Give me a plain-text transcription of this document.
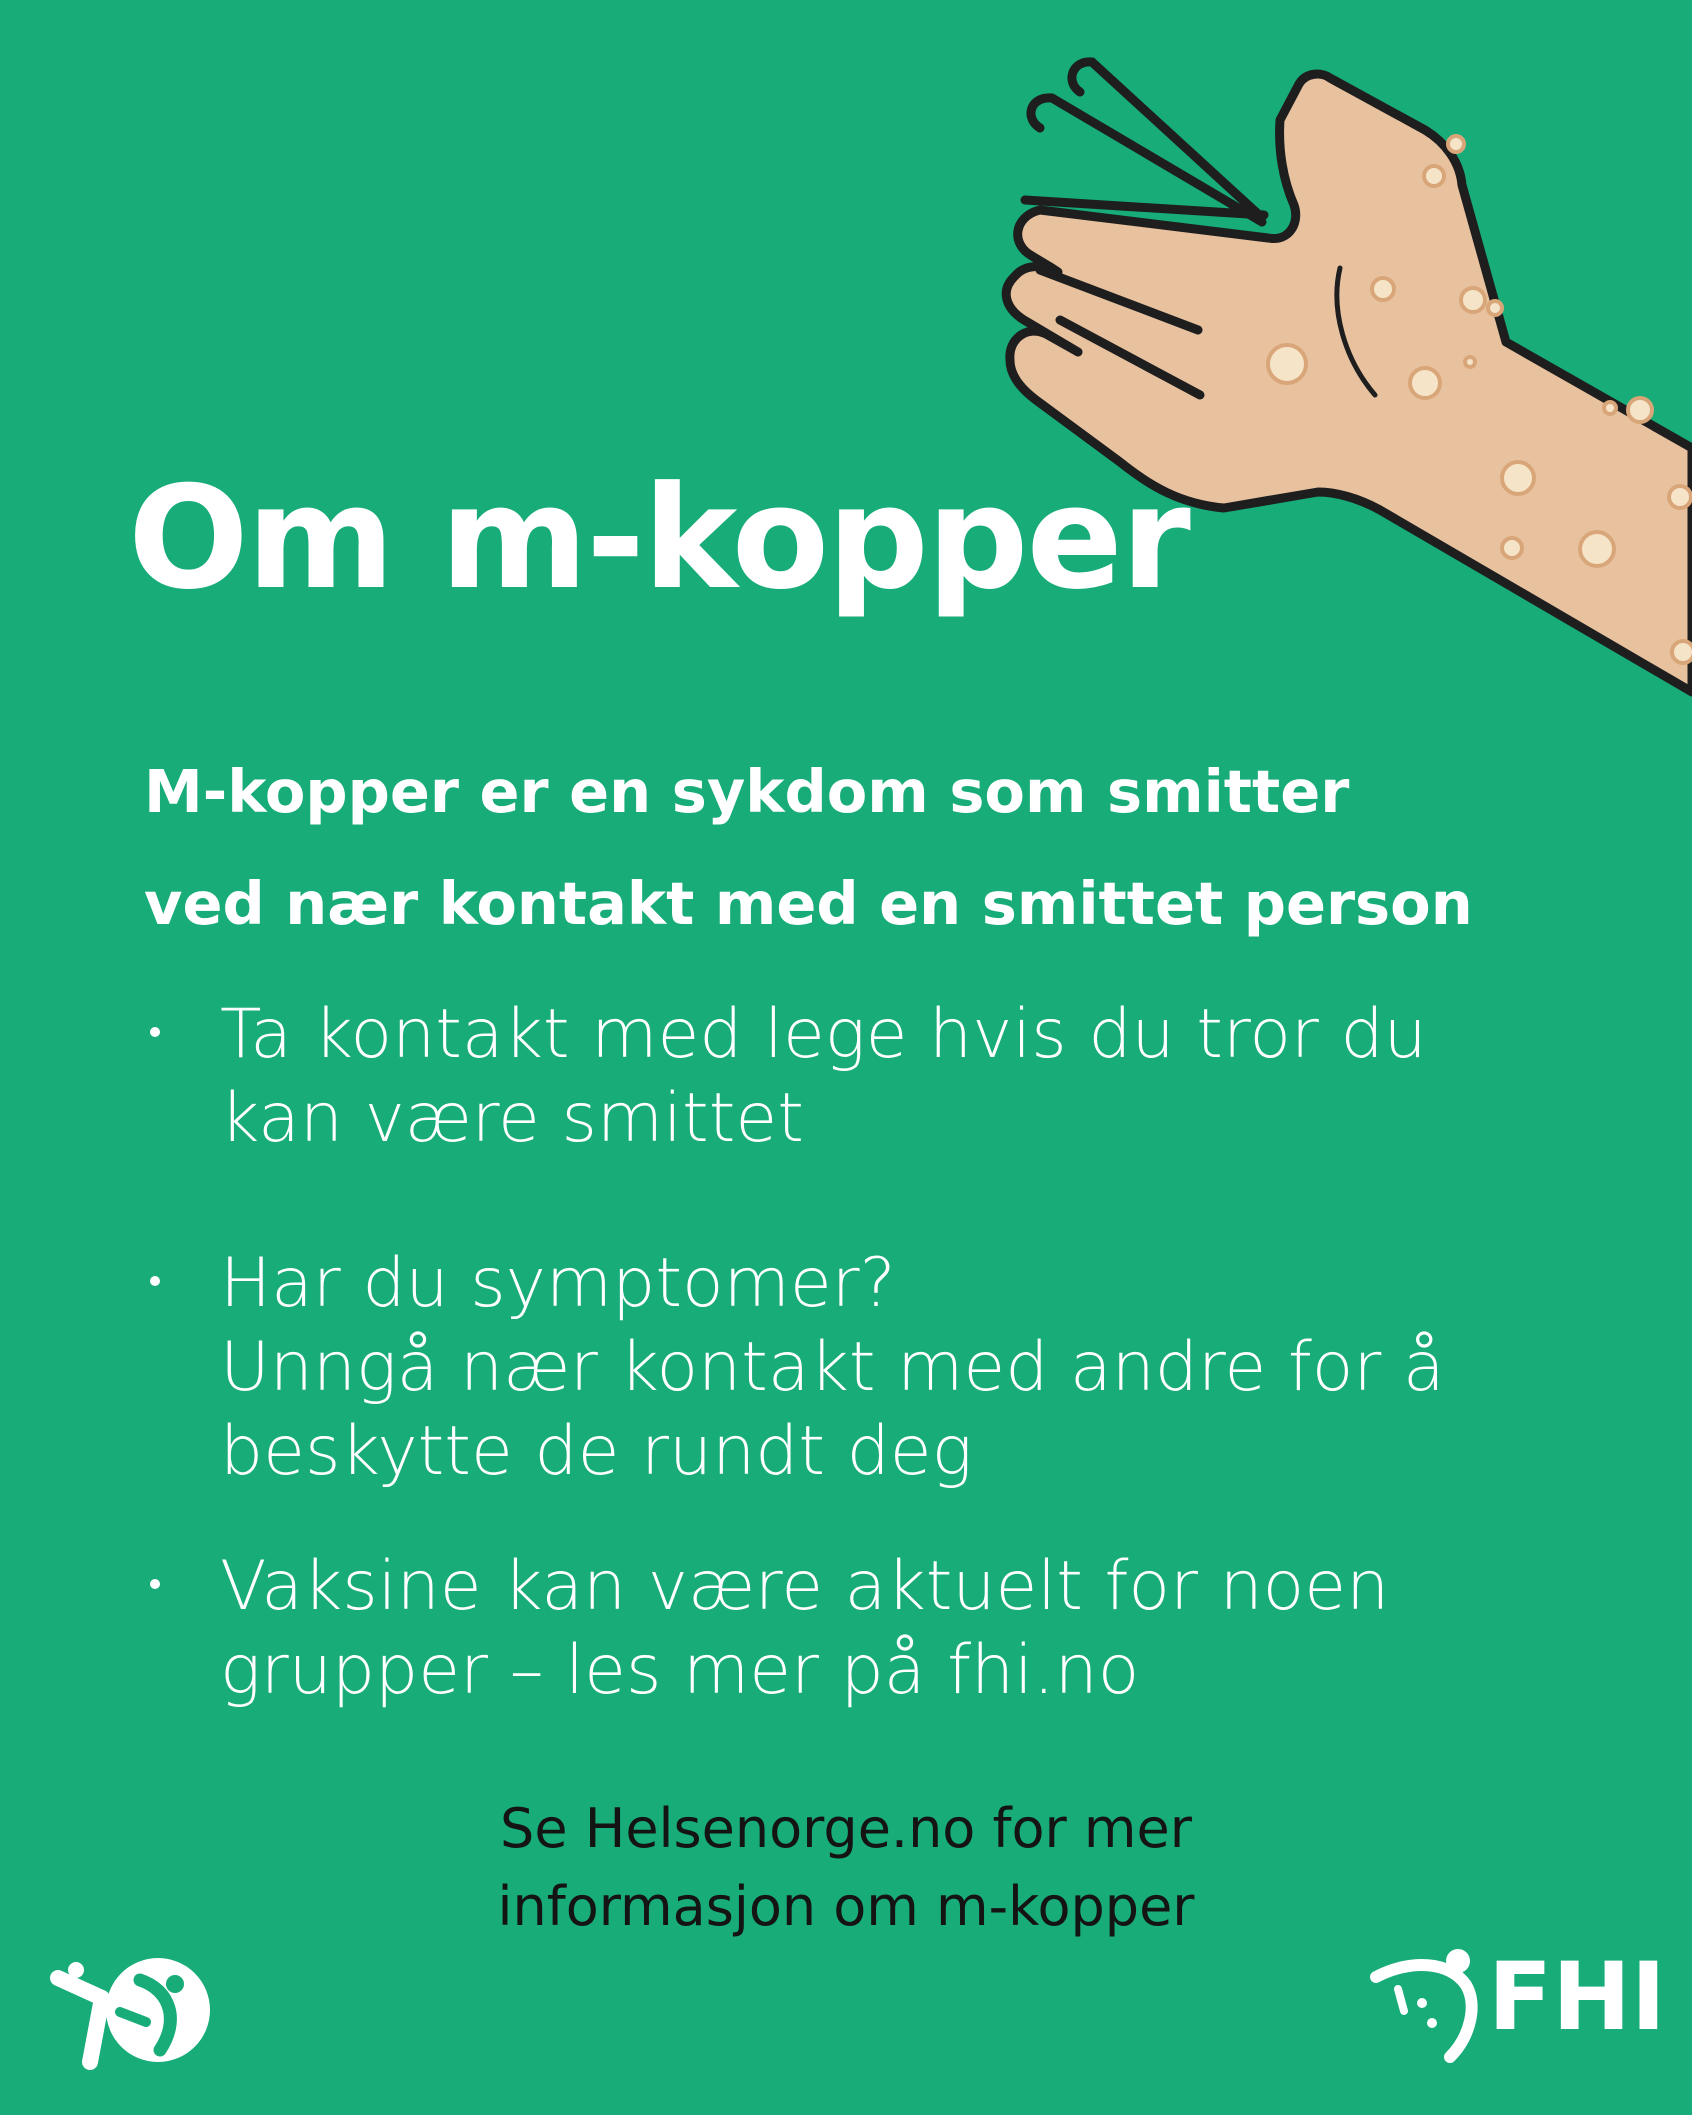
Om m-kopper
M-kopper er en sykdom som smitter
ved nær kontakt med en smittet person
Ta kontakt med lege hvis du tror du
kan være smittet
Har du symptomer?
Unngå nær kontakt med andre for å
beskytte de rundt deg
Vaksine kan være aktuelt for noen
grupper – les mer på fhi.no
Se Helsenorge.no for mer
informasjon om m-kopper
FHI
